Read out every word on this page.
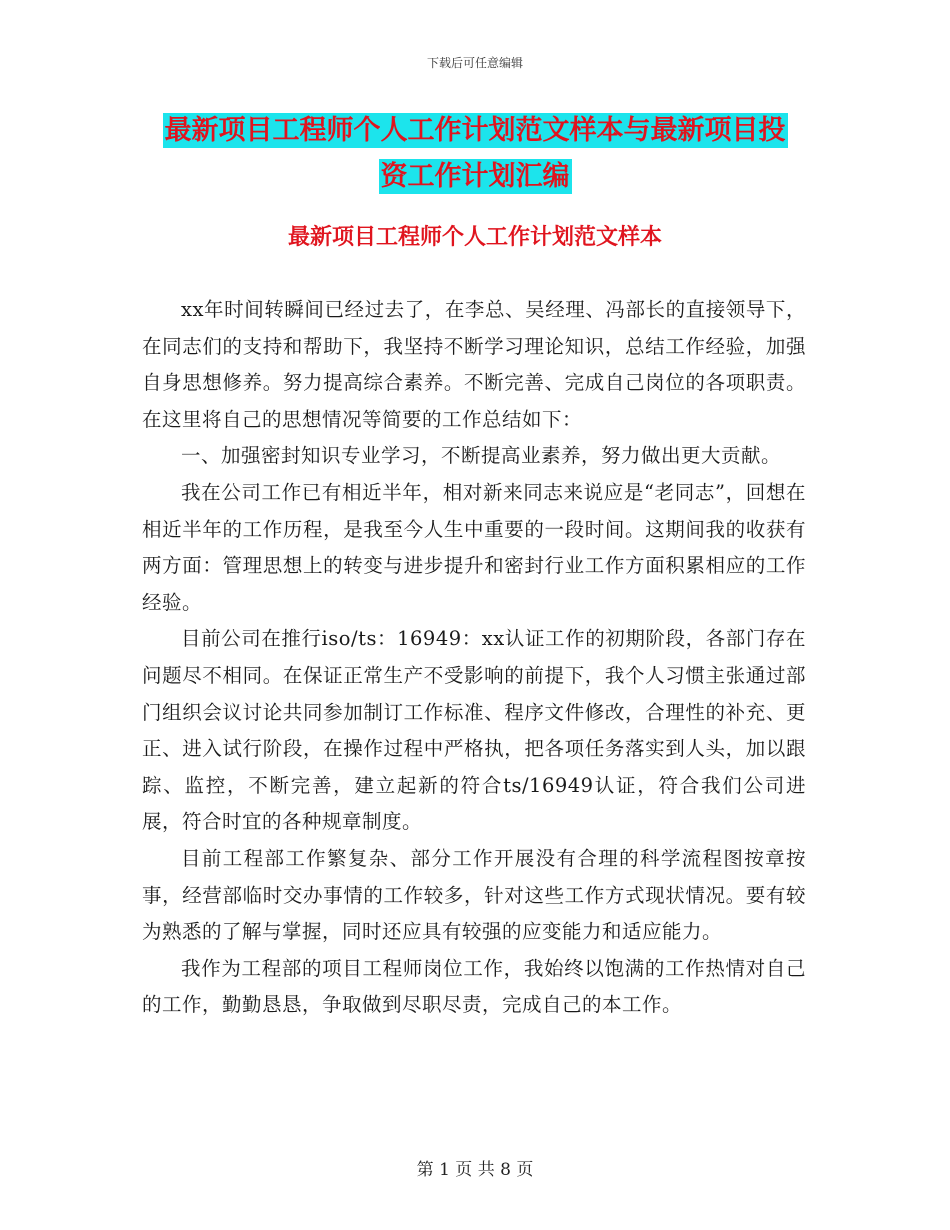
下载后可任意编辑
最新项目工程师个人工作计划范文样本与最新项目投
资工作计划汇编
最新项目工程师个人工作计划范文样本

xx年时间转瞬间已经过去了，在李总、吴经理、冯部长的直接领导下，在同志们的支持和帮助下，我坚持不断学习理论知识，总结工作经验，加强自身思想修养。努力提高综合素养。不断完善、完成自己岗位的各项职责。在这里将自己的思想情况等简要的工作总结如下：

一、加强密封知识专业学习，不断提高业素养，努力做出更大贡献。

我在公司工作已有相近半年，相对新来同志来说应是“老同志”，回想在相近半年的工作历程，是我至今人生中重要的一段时间。这期间我的收获有两方面：管理思想上的转变与进步提升和密封行业工作方面积累相应的工作经验。

目前公司在推行iso/ts：16949：xx认证工作的初期阶段，各部门存在问题尽不相同。在保证正常生产不受影响的前提下，我个人习惯主张通过部门组织会议讨论共同参加制订工作标准、程序文件修改，合理性的补充、更正、进入试行阶段，在操作过程中严格执，把各项任务落实到人头，加以跟踪、监控，不断完善，建立起新的符合ts/16949认证，符合我们公司进展，符合时宜的各种规章制度。

目前工程部工作繁复杂、部分工作开展没有合理的科学流程图按章按事，经营部临时交办事情的工作较多，针对这些工作方式现状情况。要有较为熟悉的了解与掌握，同时还应具有较强的应变能力和适应能力。

我作为工程部的项目工程师岗位工作，我始终以饱满的工作热情对自己的工作，勤勤恳恳，争取做到尽职尽责，完成自己的本工作。

第 1 页 共 8 页
